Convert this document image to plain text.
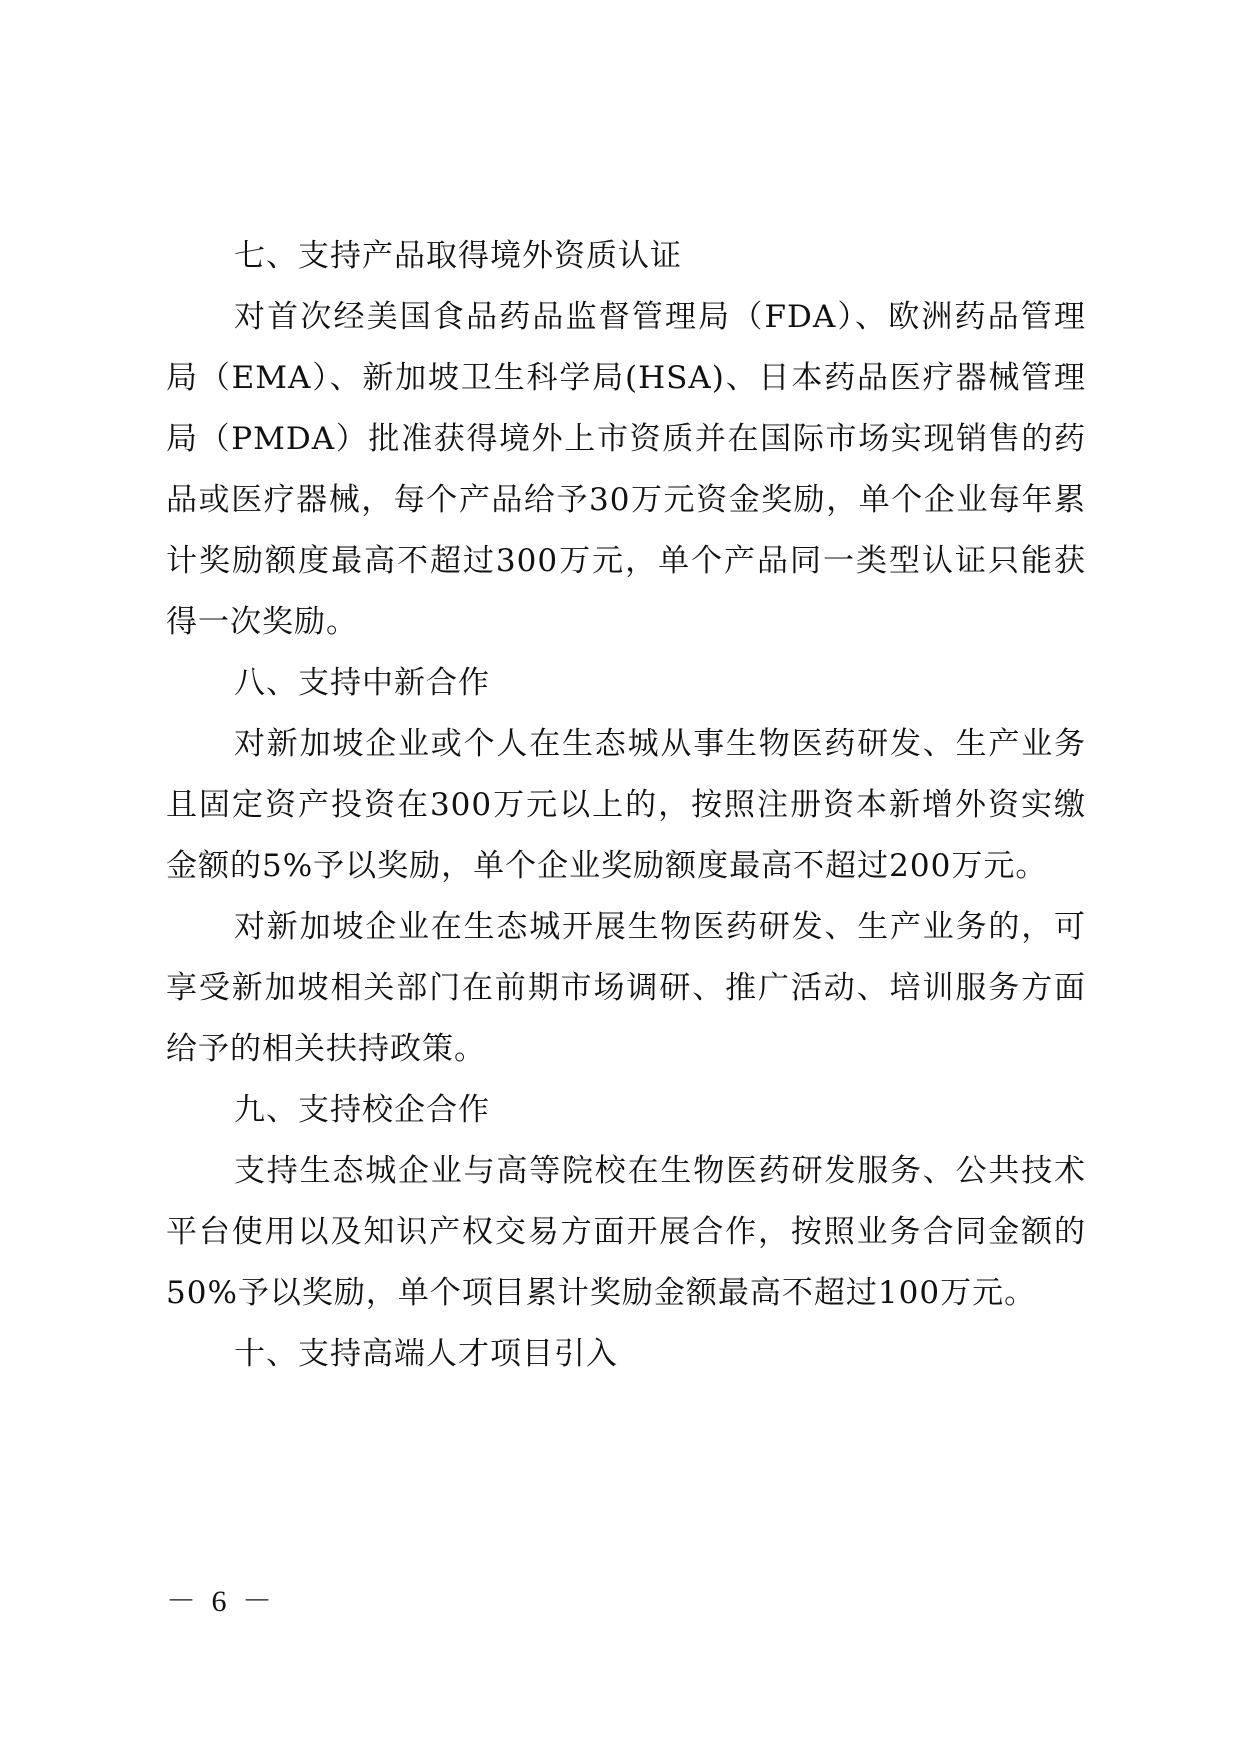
七、支持产品取得境外资质认证

对首次经美国食品药品监督管理局（FDA）、欧洲药品管理局（EMA）、新加坡卫生科学局(HSA)、日本药品医疗器械管理局（PMDA）批准获得境外上市资质并在国际市场实现销售的药品或医疗器械，每个产品给予30万元资金奖励，单个企业每年累计奖励额度最高不超过300万元，单个产品同一类型认证只能获得一次奖励。

八、支持中新合作

对新加坡企业或个人在生态城从事生物医药研发、生产业务且固定资产投资在300万元以上的，按照注册资本新增外资实缴金额的5%予以奖励，单个企业奖励额度最高不超过200万元。

对新加坡企业在生态城开展生物医药研发、生产业务的，可享受新加坡相关部门在前期市场调研、推广活动、培训服务方面给予的相关扶持政策。

九、支持校企合作

支持生态城企业与高等院校在生物医药研发服务、公共技术平台使用以及知识产权交易方面开展合作，按照业务合同金额的50%予以奖励，单个项目累计奖励金额最高不超过100万元。

十、支持高端人才项目引入

－ 6 －
